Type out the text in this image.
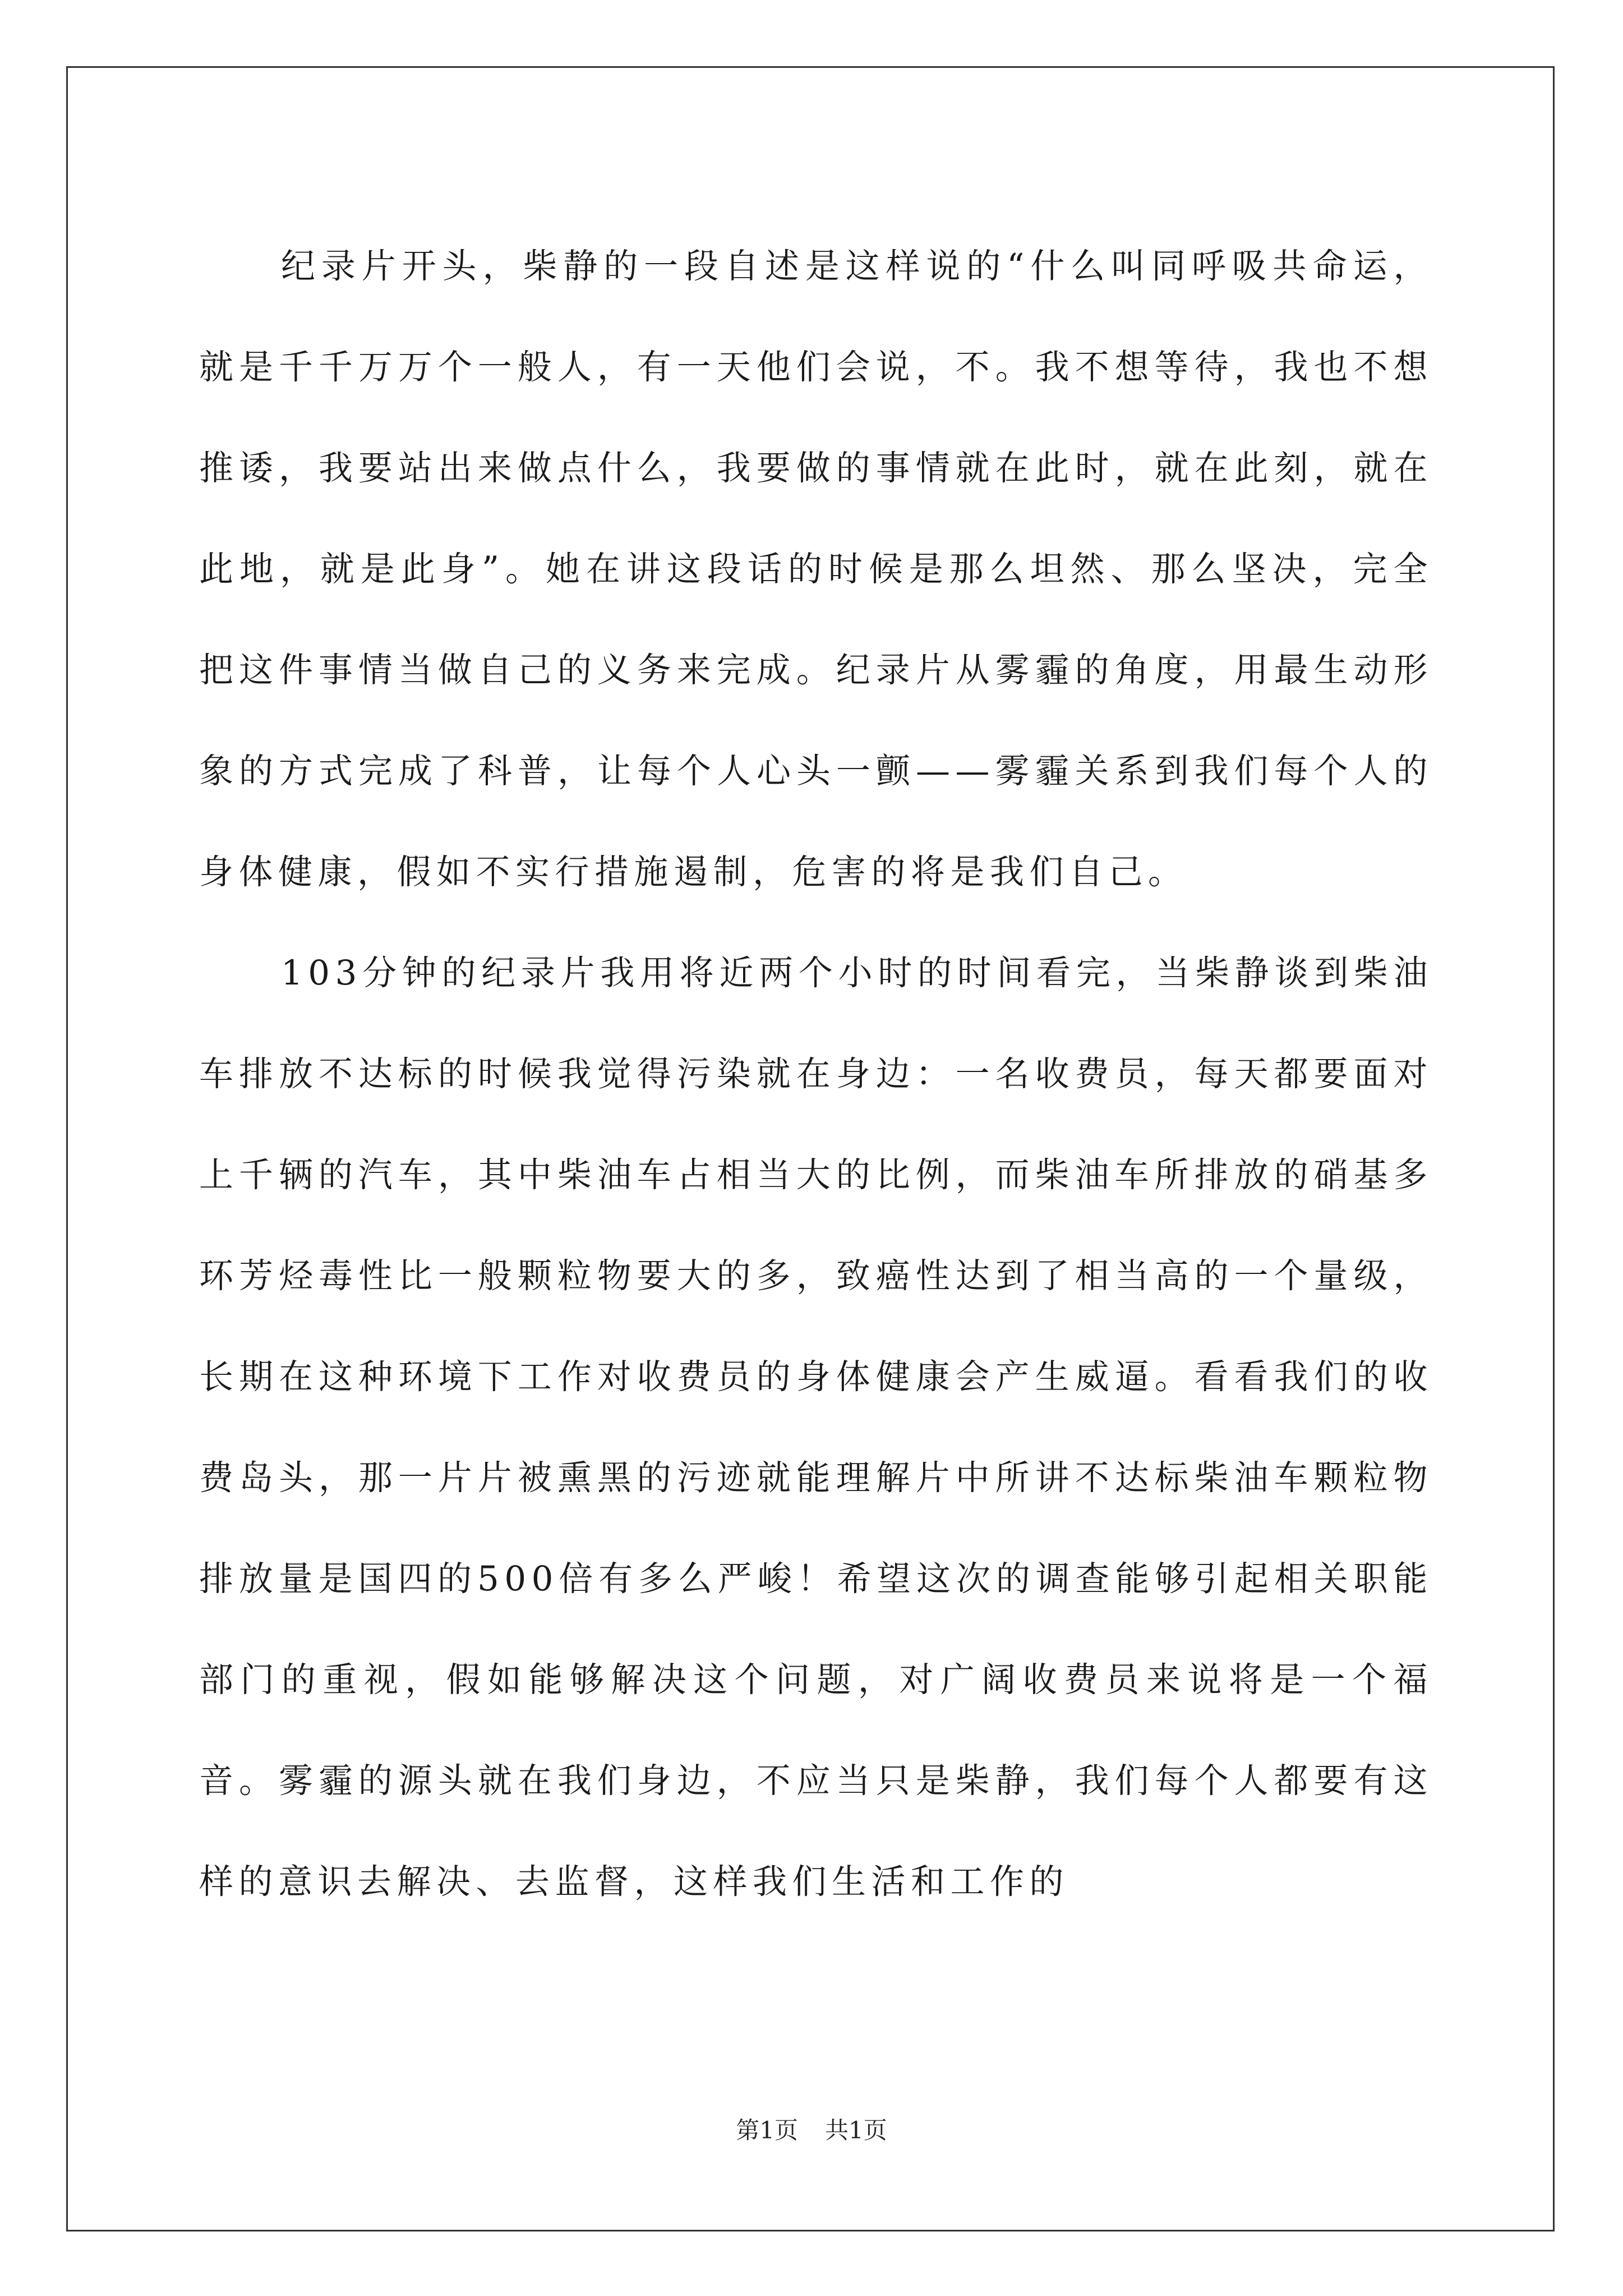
纪录片开头，柴静的一段自述是这样说的“什么叫同呼吸共命运，就是千千万万个一般人，有一天他们会说，不。我不想等待，我也不想推诿，我要站出来做点什么，我要做的事情就在此时，就在此刻，就在此地，就是此身”。她在讲这段话的时候是那么坦然、那么坚决，完全把这件事情当做自己的义务来完成。纪录片从雾霾的角度，用最生动形象的方式完成了科普，让每个人心头一颤——雾霾关系到我们每个人的身体健康，假如不实行措施遏制，危害的将是我们自己。

103分钟的纪录片我用将近两个小时的时间看完，当柴静谈到柴油车排放不达标的时候我觉得污染就在身边：一名收费员，每天都要面对上千辆的汽车，其中柴油车占相当大的比例，而柴油车所排放的硝基多环芳烃毒性比一般颗粒物要大的多，致癌性达到了相当高的一个量级，长期在这种环境下工作对收费员的身体健康会产生威逼。看看我们的收费岛头，那一片片被熏黑的污迹就能理解片中所讲不达标柴油车颗粒物排放量是国四的500倍有多么严峻！希望这次的调查能够引起相关职能部门的重视，假如能够解决这个问题，对广阔收费员来说将是一个福音。雾霾的源头就在我们身边，不应当只是柴静，我们每个人都要有这样的意识去解决、去监督，这样我们生活和工作的

第1页 共1页
